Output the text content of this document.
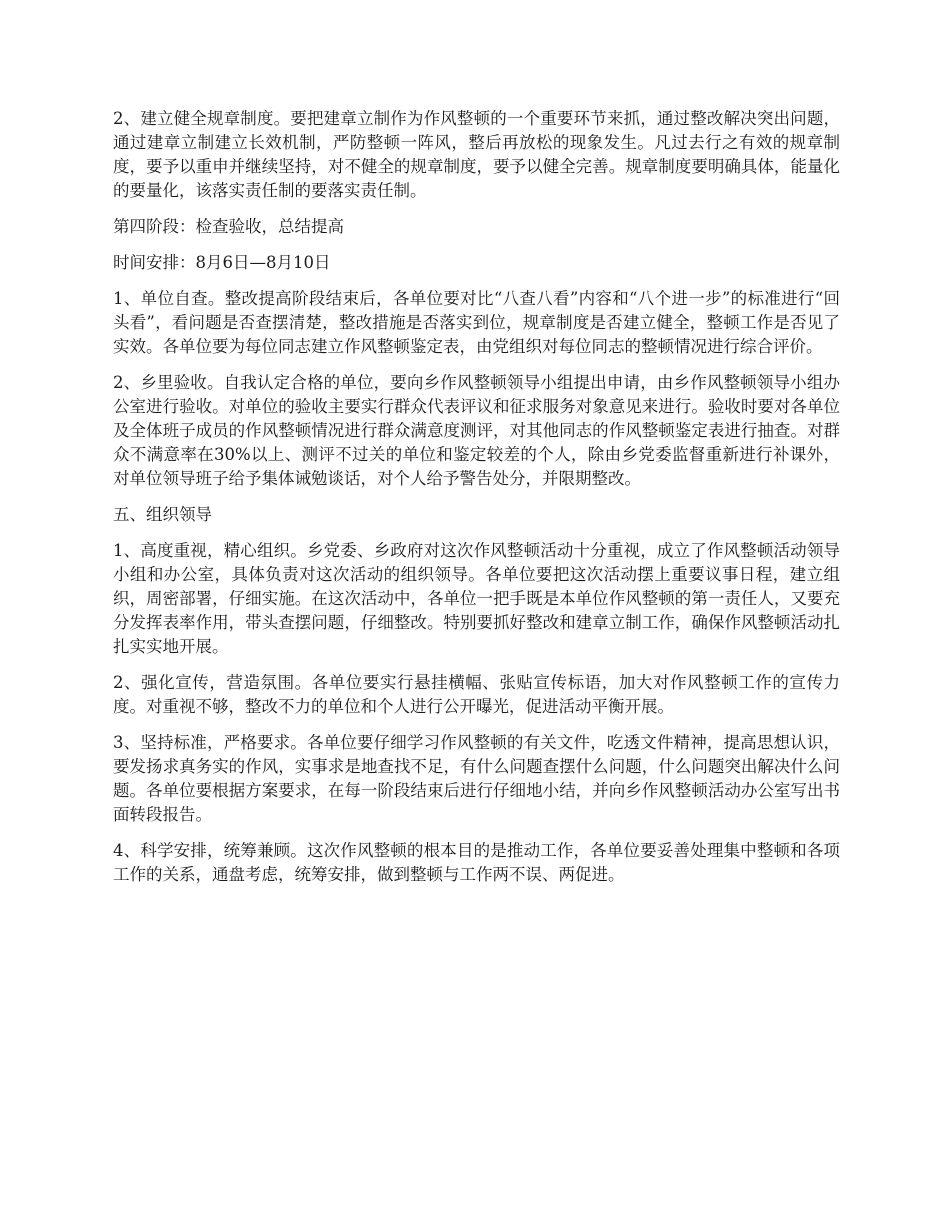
2、建立健全规章制度。要把建章立制作为作风整顿的一个重要环节来抓，通过整改解决突出问题，通过建章立制建立长效机制，严防整顿一阵风，整后再放松的现象发生。凡过去行之有效的规章制度，要予以重申并继续坚持，对不健全的规章制度，要予以健全完善。规章制度要明确具体，能量化的要量化，该落实责任制的要落实责任制。

第四阶段：检查验收，总结提高

时间安排：8月6日—8月10日

1、单位自查。整改提高阶段结束后，各单位要对比“八查八看”内容和“八个进一步”的标准进行“回头看”，看问题是否查摆清楚，整改措施是否落实到位，规章制度是否建立健全，整顿工作是否见了实效。各单位要为每位同志建立作风整顿鉴定表，由党组织对每位同志的整顿情况进行综合评价。

2、乡里验收。自我认定合格的单位，要向乡作风整顿领导小组提出申请，由乡作风整顿领导小组办公室进行验收。对单位的验收主要实行群众代表评议和征求服务对象意见来进行。验收时要对各单位及全体班子成员的作风整顿情况进行群众满意度测评，对其他同志的作风整顿鉴定表进行抽查。对群众不满意率在30%以上、测评不过关的单位和鉴定较差的个人，除由乡党委监督重新进行补课外，对单位领导班子给予集体诫勉谈话，对个人给予警告处分，并限期整改。

五、组织领导

1、高度重视，精心组织。乡党委、乡政府对这次作风整顿活动十分重视，成立了作风整顿活动领导小组和办公室，具体负责对这次活动的组织领导。各单位要把这次活动摆上重要议事日程，建立组织，周密部署，仔细实施。在这次活动中，各单位一把手既是本单位作风整顿的第一责任人，又要充分发挥表率作用，带头查摆问题，仔细整改。特别要抓好整改和建章立制工作，确保作风整顿活动扎扎实实地开展。

2、强化宣传，营造氛围。各单位要实行悬挂横幅、张贴宣传标语，加大对作风整顿工作的宣传力度。对重视不够，整改不力的单位和个人进行公开曝光，促进活动平衡开展。

3、坚持标准，严格要求。各单位要仔细学习作风整顿的有关文件，吃透文件精神，提高思想认识，要发扬求真务实的作风，实事求是地查找不足，有什么问题查摆什么问题，什么问题突出解决什么问题。各单位要根据方案要求，在每一阶段结束后进行仔细地小结，并向乡作风整顿活动办公室写出书面转段报告。

4、科学安排，统筹兼顾。这次作风整顿的根本目的是推动工作，各单位要妥善处理集中整顿和各项工作的关系，通盘考虑，统筹安排，做到整顿与工作两不误、两促进。
